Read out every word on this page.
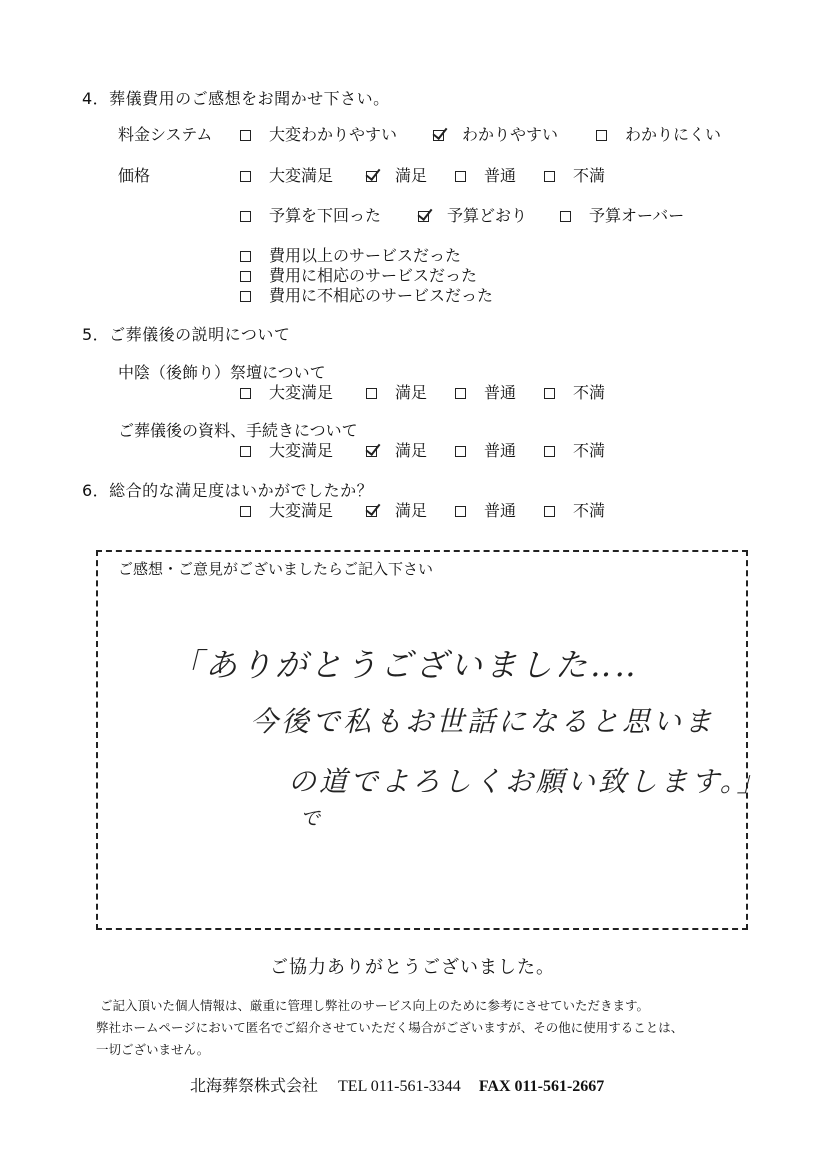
4．葬儀費用のご感想をお聞かせ下さい。
料金システム	大変わかりやすい	わかりやすい	わかりにくい
価格	大変満足	満足	普通	不満
予算を下回った	予算どおり	予算オーバー
費用以上のサービスだった
費用に相応のサービスだった
費用に不相応のサービスだった
5．ご葬儀後の説明について
中陰（後飾り）祭壇について
大変満足	満足	普通	不満
ご葬儀後の資料、手続きについて
大変満足	満足	普通	不満
6．総合的な満足度はいかがでしたか？
大変満足	満足	普通	不満
ご感想・ご意見がございましたらご記入下さい
「ありがとうございました‥‥
今後で私もお世話になると思いま
の道でよろしくお願い致します。」
で
ご協力ありがとうございました。
ご記入頂いた個人情報は、厳重に管理し弊社のサービス向上のために参考にさせていただきます。
弊社ホームページにおいて匿名でご紹介させていただく場合がございますが、その他に使用することは、
一切ございません。
北海葬祭株式会社 TEL 011-561-3344 FAX 011-561-2667
